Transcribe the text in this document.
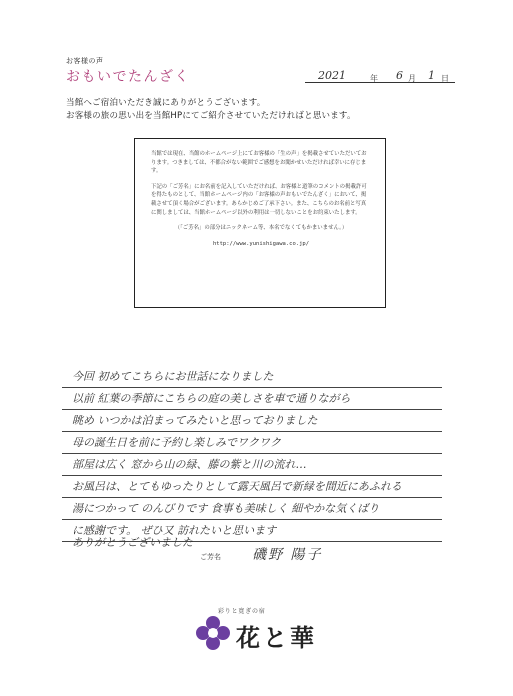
お客様の声
おもいでたんざく	2021	年 6 月 1 日
当館へご宿泊いただき誠にありがとうございます。
お客様の旅の思い出を当館HPにてご紹介させていただければと思います。

当館では現在、当館のホームページ上にてお客様の「生の声」を掲載させていただいております。つきましては、不都合がない範囲でご感想をお聞かせいただければ幸いに存じます。

下記の「ご芳名」にお名前を記入していただければ、お客様と道筆のコメントの掲載許可を得たものとして、当館ホームページ内の「お客様の声おもいでたんざく」において、掲載させて頂く場合がございます。あらかじめご了承下さい。また、こちらのお名前と写真に関しましては、当館ホームページ以外の利用は一切しないことをお約束いたします。

（「ご芳名」の部分はニックネーム等、本名でなくてもかまいません。）

http://www.yunishigawa.co.jp/

今回 初めてこちらにお世話になりました
以前 紅葉の季節にこちらの庭の美しさを車で通りながら
眺め いつかは泊まってみたいと思っておりました
母の誕生日を前に予約し楽しみでワクワク
部屋は広く 窓から山の緑、藤の紫と川の流れ…
お風呂は、とてもゆったりとして露天風呂で新緑を間近にあふれる
湯につかって のんびりです 食事も美味しく 細やかな気くばり
に感謝です。 ぜひ又 訪れたいと思います
ありがとうございました
ご芳名 磯野 陽子
彩りと寛ぎの宿
花と華
